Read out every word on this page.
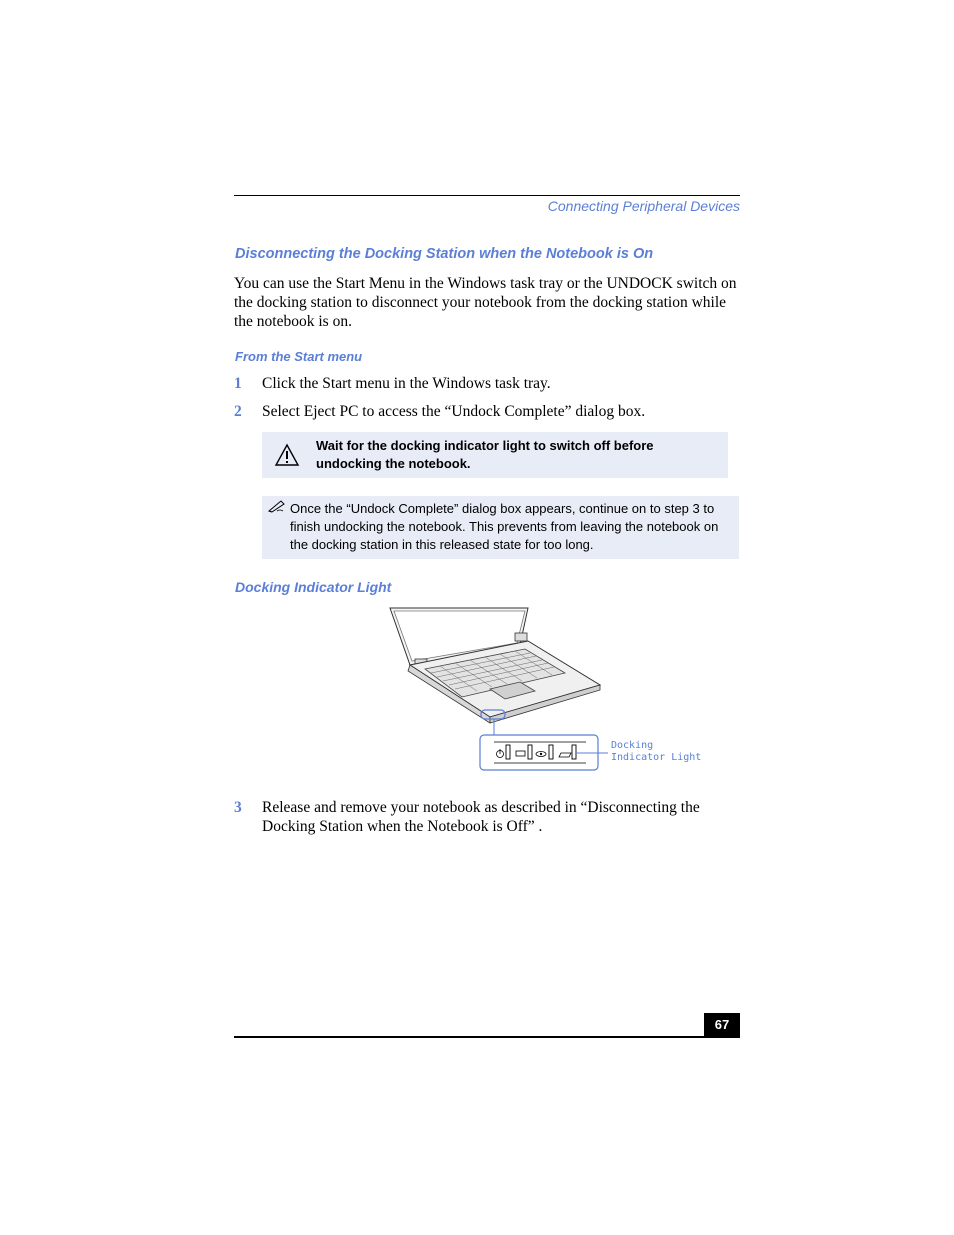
Connecting Peripheral Devices
Disconnecting the Docking Station when the Notebook is On
You can use the Start Menu in the Windows task tray or the UNDOCK switch on the docking station to disconnect your notebook from the docking station while the notebook is on.
From the Start menu
1 Click the Start menu in the Windows task tray.
2 Select Eject PC to access the “Undock Complete” dialog box.
Wait for the docking indicator light to switch off before undocking the notebook.
Once the “Undock Complete” dialog box appears, continue on to step 3 to finish undocking the notebook. This prevents from leaving the notebook on the docking station in this released state for too long.
Docking Indicator Light
Docking
Indicator Light
3 Release and remove your notebook as described in “Disconnecting the Docking Station when the Notebook is Off” .
67
